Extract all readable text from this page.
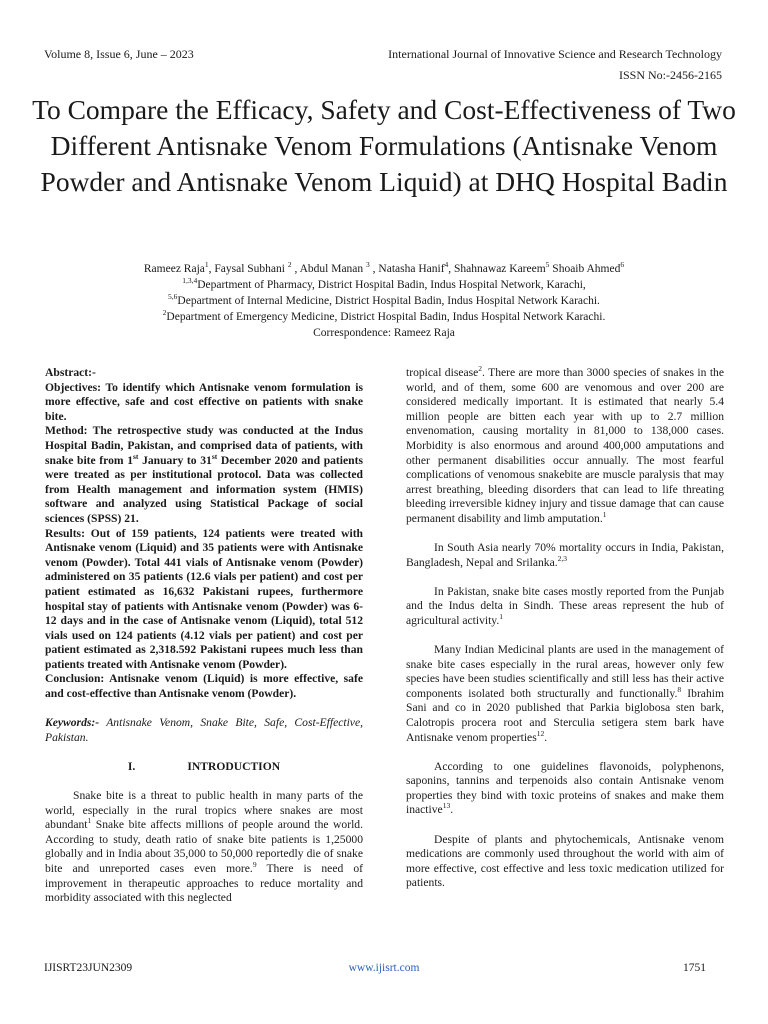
Volume 8, Issue 6, June – 2023	International Journal of Innovative Science and Research Technology
ISSN No:-2456-2165
To Compare the Efficacy, Safety and Cost-Effectiveness of Two Different Antisnake Venom Formulations (Antisnake Venom Powder and Antisnake Venom Liquid) at DHQ Hospital Badin
Rameez Raja$^1$, Faysal Subhani $^2$ , Abdul Manan $^3$ , Natasha Hanif$^4$, Shahnawaz Kareem$^5$ Shoaib Ahmed$^6$
$^{1,3,4}$Department of Pharmacy, District Hospital Badin, Indus Hospital Network, Karachi,
$^{5,6}$Department of Internal Medicine, District Hospital Badin, Indus Hospital Network Karachi.
$^2$Department of Emergency Medicine, District Hospital Badin, Indus Hospital Network Karachi.
Correspondence: Rameez Raja

Abstract:-

Objectives: To identify which Antisnake venom formulation is more effective, safe and cost effective on patients with snake bite.

Method: The retrospective study was conducted at the Indus Hospital Badin, Pakistan, and comprised data of patients, with snake bite from 1st January to 31st December 2020 and patients were treated as per institutional protocol. Data was collected from Health management and information system (HMIS) software and analyzed using Statistical Package of social sciences (SPSS) 21.

Results: Out of 159 patients, 124 patients were treated with Antisnake venom (Liquid) and 35 patients were with Antisnake venom (Powder). Total 441 vials of Antisnake venom (Powder) administered on 35 patients (12.6 vials per patient) and cost per patient estimated as 16,632 Pakistani rupees, furthermore hospital stay of patients with Antisnake venom (Powder) was 6-12 days and in the case of Antisnake venom (Liquid), total 512 vials used on 124 patients (4.12 vials per patient) and cost per patient estimated as 2,318.592 Pakistani rupees much less than patients treated with Antisnake venom (Powder).

Conclusion: Antisnake venom (Liquid) is more effective, safe and cost-effective than Antisnake venom (Powder).

Keywords:- Antisnake Venom, Snake Bite, Safe, Cost-Effective, Pakistan.

I.	INTRODUCTION

Snake bite is a threat to public health in many parts of the world, especially in the rural tropics where snakes are most abundant$^1$ Snake bite affects millions of people around the world. According to study, death ratio of snake bite patients is 1,25000 globally and in India about 35,000 to 50,000 reportedly die of snake bite and unreported cases even more.$^9$ There is need of improvement in therapeutic approaches to reduce mortality and morbidity associated with this neglected

tropical disease$^2$. There are more than 3000 species of snakes in the world, and of them, some 600 are venomous and over 200 are considered medically important. It is estimated that nearly 5.4 million people are bitten each year with up to 2.7 million envenomation, causing mortality in 81,000 to 138,000 cases. Morbidity is also enormous and around 400,000 amputations and other permanent disabilities occur annually. The most fearful complications of venomous snakebite are muscle paralysis that may arrest breathing, bleeding disorders that can lead to life threating bleeding irreversible kidney injury and tissue damage that can cause permanent disability and limb amputation.$^1$

In South Asia nearly 70% mortality occurs in India, Pakistan, Bangladesh, Nepal and Srilanka.$^{2,3}$

In Pakistan, snake bite cases mostly reported from the Punjab and the Indus delta in Sindh. These areas represent the hub of agricultural activity.$^1$

Many Indian Medicinal plants are used in the management of snake bite cases especially in the rural areas, however only few species have been studies scientifically and still less has their active components isolated both structurally and functionally.$^8$ Ibrahim Sani and co in 2020 published that Parkia biglobosa sten bark, Calotropis procera root and Sterculia setigera stem bark have Antisnake venom properties$^{12}$.

According to one guidelines flavonoids, polyphenons, saponins, tannins and terpenoids also contain Antisnake venom properties they bind with toxic proteins of snakes and make them inactive$^{13}$.

Despite of plants and phytochemicals, Antisnake venom medications are commonly used throughout the world with aim of more effective, cost effective and less toxic medication utilized for patients.

IJISRT23JUN2309	www.ijisrt.com	1751
